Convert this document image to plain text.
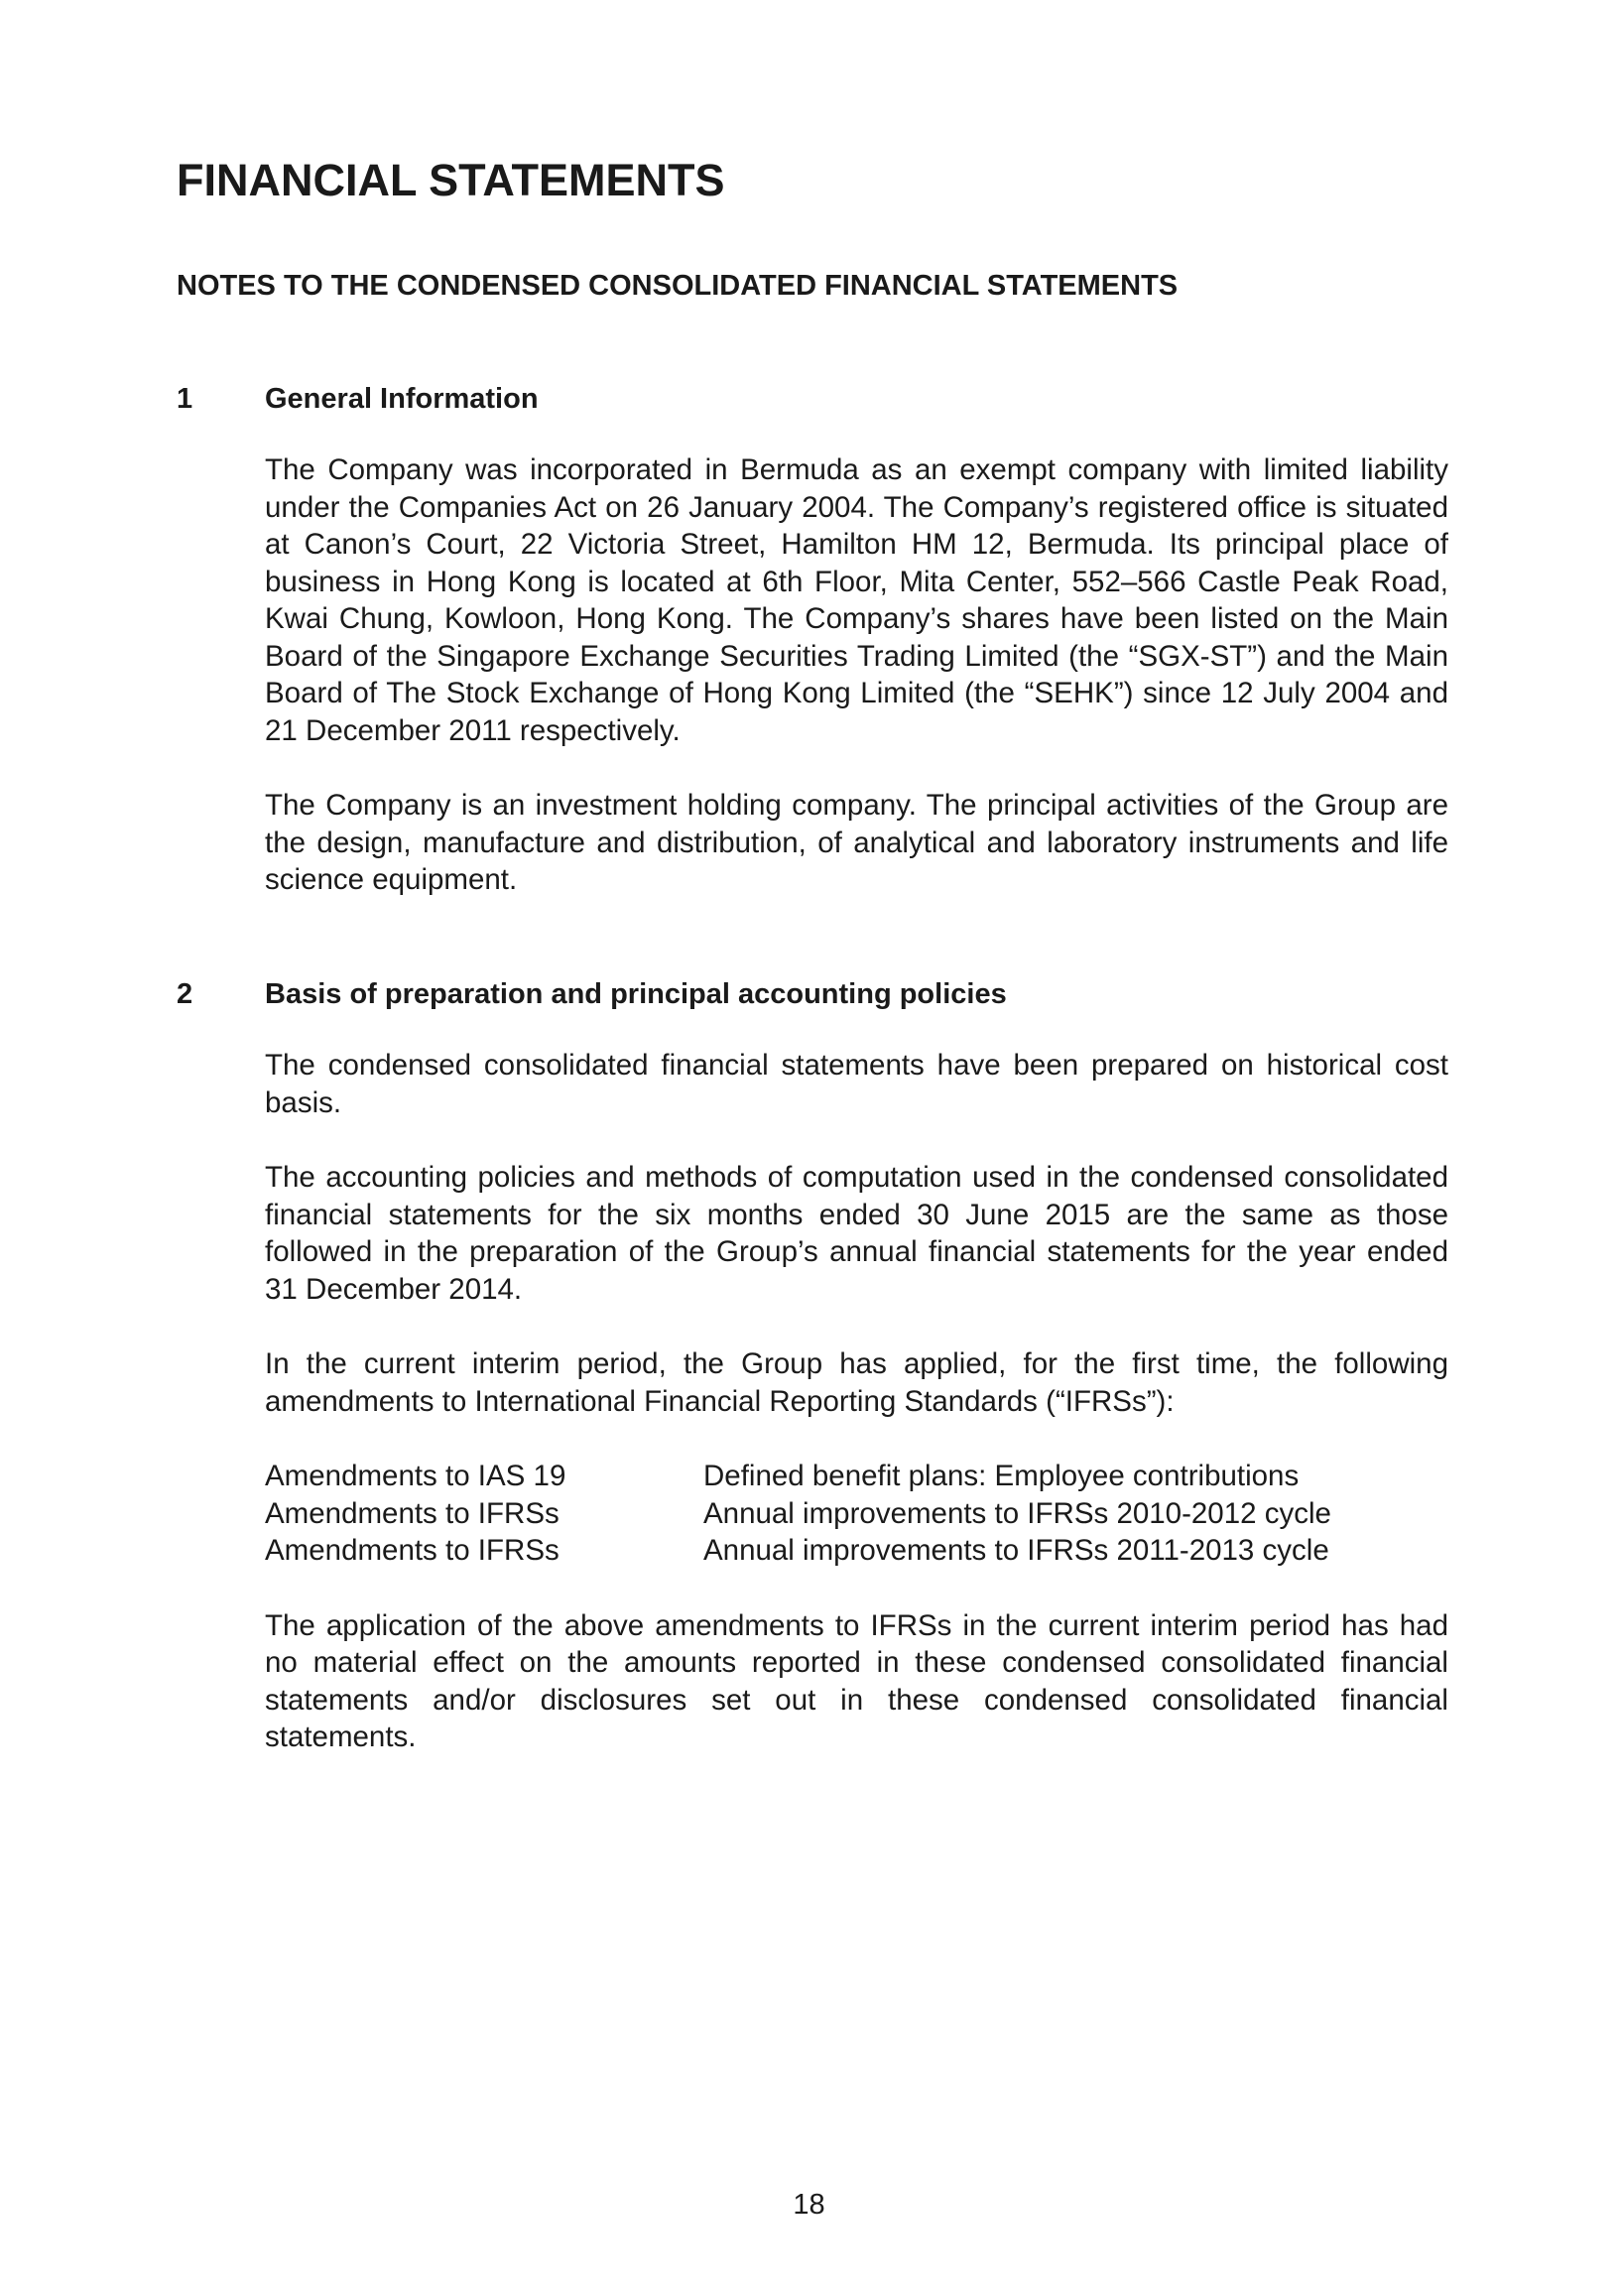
FINANCIAL STATEMENTS
NOTES TO THE CONDENSED CONSOLIDATED FINANCIAL STATEMENTS
1	General Information

The Company was incorporated in Bermuda as an exempt company with limited liability under the Companies Act on 26 January 2004. The Company’s registered office is situated at Canon’s Court, 22 Victoria Street, Hamilton HM 12, Bermuda. Its principal place of business in Hong Kong is located at 6th Floor, Mita Center, 552–566 Castle Peak Road, Kwai Chung, Kowloon, Hong Kong. The Company’s shares have been listed on the Main Board of the Singapore Exchange Securities Trading Limited (the “SGX-ST”) and the Main Board of The Stock Exchange of Hong Kong Limited (the “SEHK”) since 12 July 2004 and 21 December 2011 respectively.

The Company is an investment holding company. The principal activities of the Group are the design, manufacture and distribution, of analytical and laboratory instruments and life science equipment.

2	Basis of preparation and principal accounting policies

The condensed consolidated financial statements have been prepared on historical cost basis.

The accounting policies and methods of computation used in the condensed consolidated financial statements for the six months ended 30 June 2015 are the same as those followed in the preparation of the Group’s annual financial statements for the year ended 31 December 2014.

In the current interim period, the Group has applied, for the first time, the following amendments to International Financial Reporting Standards (“IFRSs”):

Amendments to IAS 19	Defined benefit plans: Employee contributions
Amendments to IFRSs	Annual improvements to IFRSs 2010-2012 cycle
Amendments to IFRSs	Annual improvements to IFRSs 2011-2013 cycle

The application of the above amendments to IFRSs in the current interim period has had no material effect on the amounts reported in these condensed consolidated financial statements and/or disclosures set out in these condensed consolidated financial statements.

18
